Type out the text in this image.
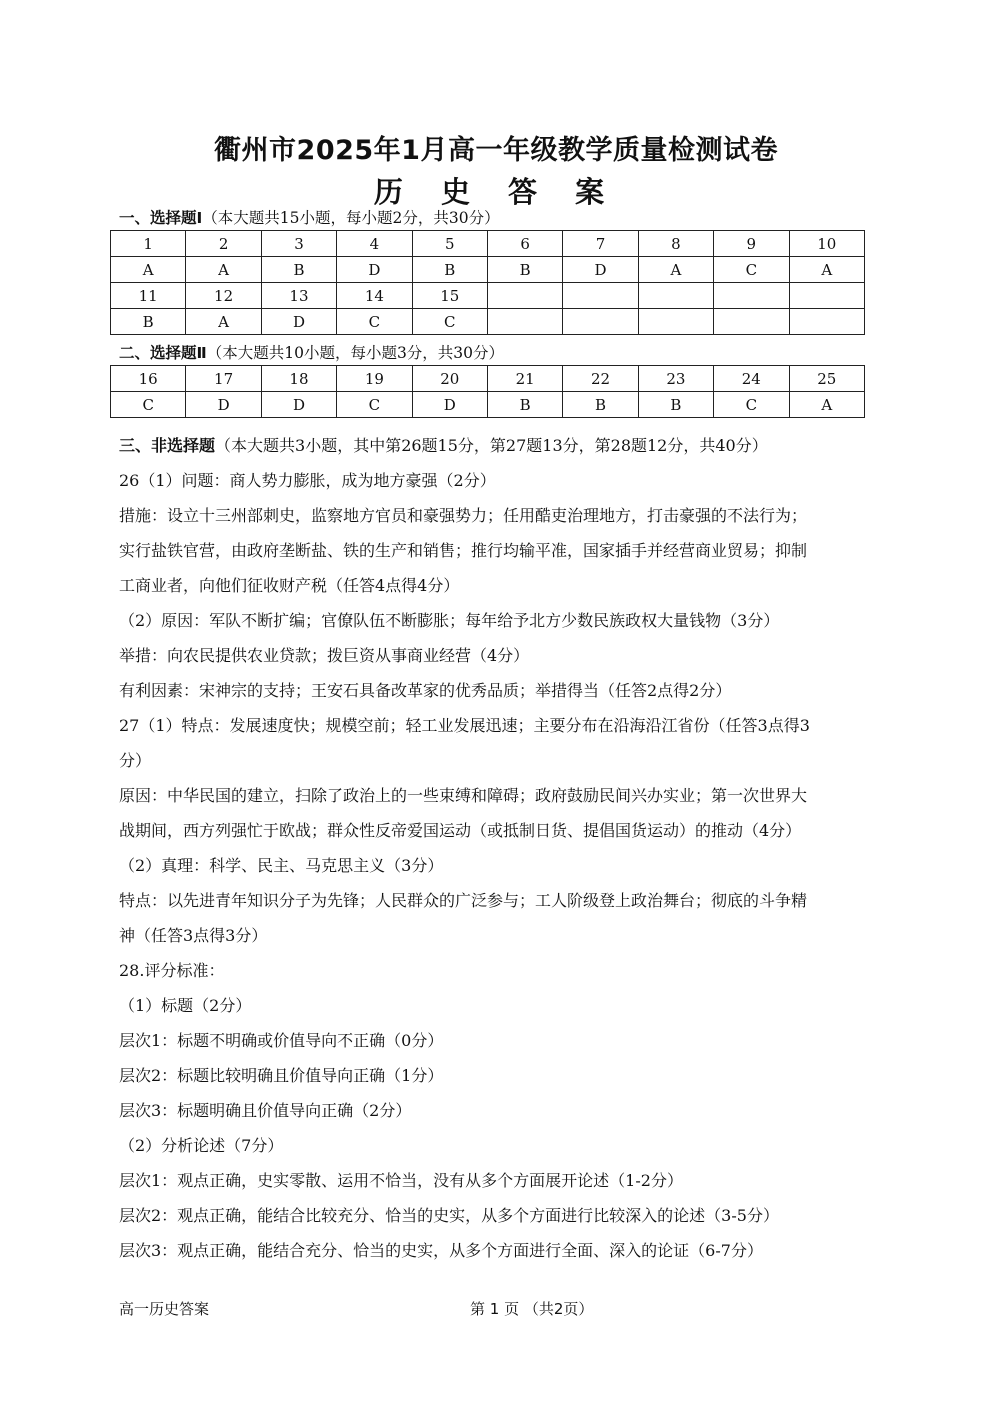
衢州市2025年1月高一年级教学质量检测试卷
历 史 答 案
一、选择题Ⅰ（本大题共15小题，每小题2分，共30分）
1	2	3	4	5	6	7	8	9	10
A	A	B	D	B	B	D	A	C	A
11	12	13	14	15					
B	A	D	C	C					
二、选择题Ⅱ（本大题共10小题，每小题3分，共30分）
16	17	18	19	20	21	22	23	24	25
C	D	D	C	D	B	B	B	C	A

三、非选择题（本大题共3小题，其中第26题15分，第27题13分，第28题12分，共40分）

26（1）问题：商人势力膨胀，成为地方豪强（2分）

措施：设立十三州部刺史，监察地方官员和豪强势力；任用酷吏治理地方，打击豪强的不法行为；

实行盐铁官营，由政府垄断盐、铁的生产和销售；推行均输平准，国家插手并经营商业贸易；抑制

工商业者，向他们征收财产税（任答4点得4分）

（2）原因：军队不断扩编；官僚队伍不断膨胀；每年给予北方少数民族政权大量钱物（3分）

举措：向农民提供农业贷款；拨巨资从事商业经营（4分）

有利因素：宋神宗的支持；王安石具备改革家的优秀品质；举措得当（任答2点得2分）

27（1）特点：发展速度快；规模空前；轻工业发展迅速；主要分布在沿海沿江省份（任答3点得3

分）

原因：中华民国的建立，扫除了政治上的一些束缚和障碍；政府鼓励民间兴办实业；第一次世界大

战期间，西方列强忙于欧战；群众性反帝爱国运动（或抵制日货、提倡国货运动）的推动（4分）

（2）真理：科学、民主、马克思主义（3分）

特点：以先进青年知识分子为先锋；人民群众的广泛参与；工人阶级登上政治舞台；彻底的斗争精

神（任答3点得3分）

28.评分标准：

（1）标题（2分）

层次1：标题不明确或价值导向不正确（0分）

层次2：标题比较明确且价值导向正确（1分）

层次3：标题明确且价值导向正确（2分）

（2）分析论述（7分）

层次1：观点正确，史实零散、运用不恰当，没有从多个方面展开论述（1-2分）

层次2：观点正确，能结合比较充分、恰当的史实，从多个方面进行比较深入的论述（3-5分）

层次3：观点正确，能结合充分、恰当的史实，从多个方面进行全面、深入的论证（6-7分）

高一历史答案	第 1 页 （共2页）
